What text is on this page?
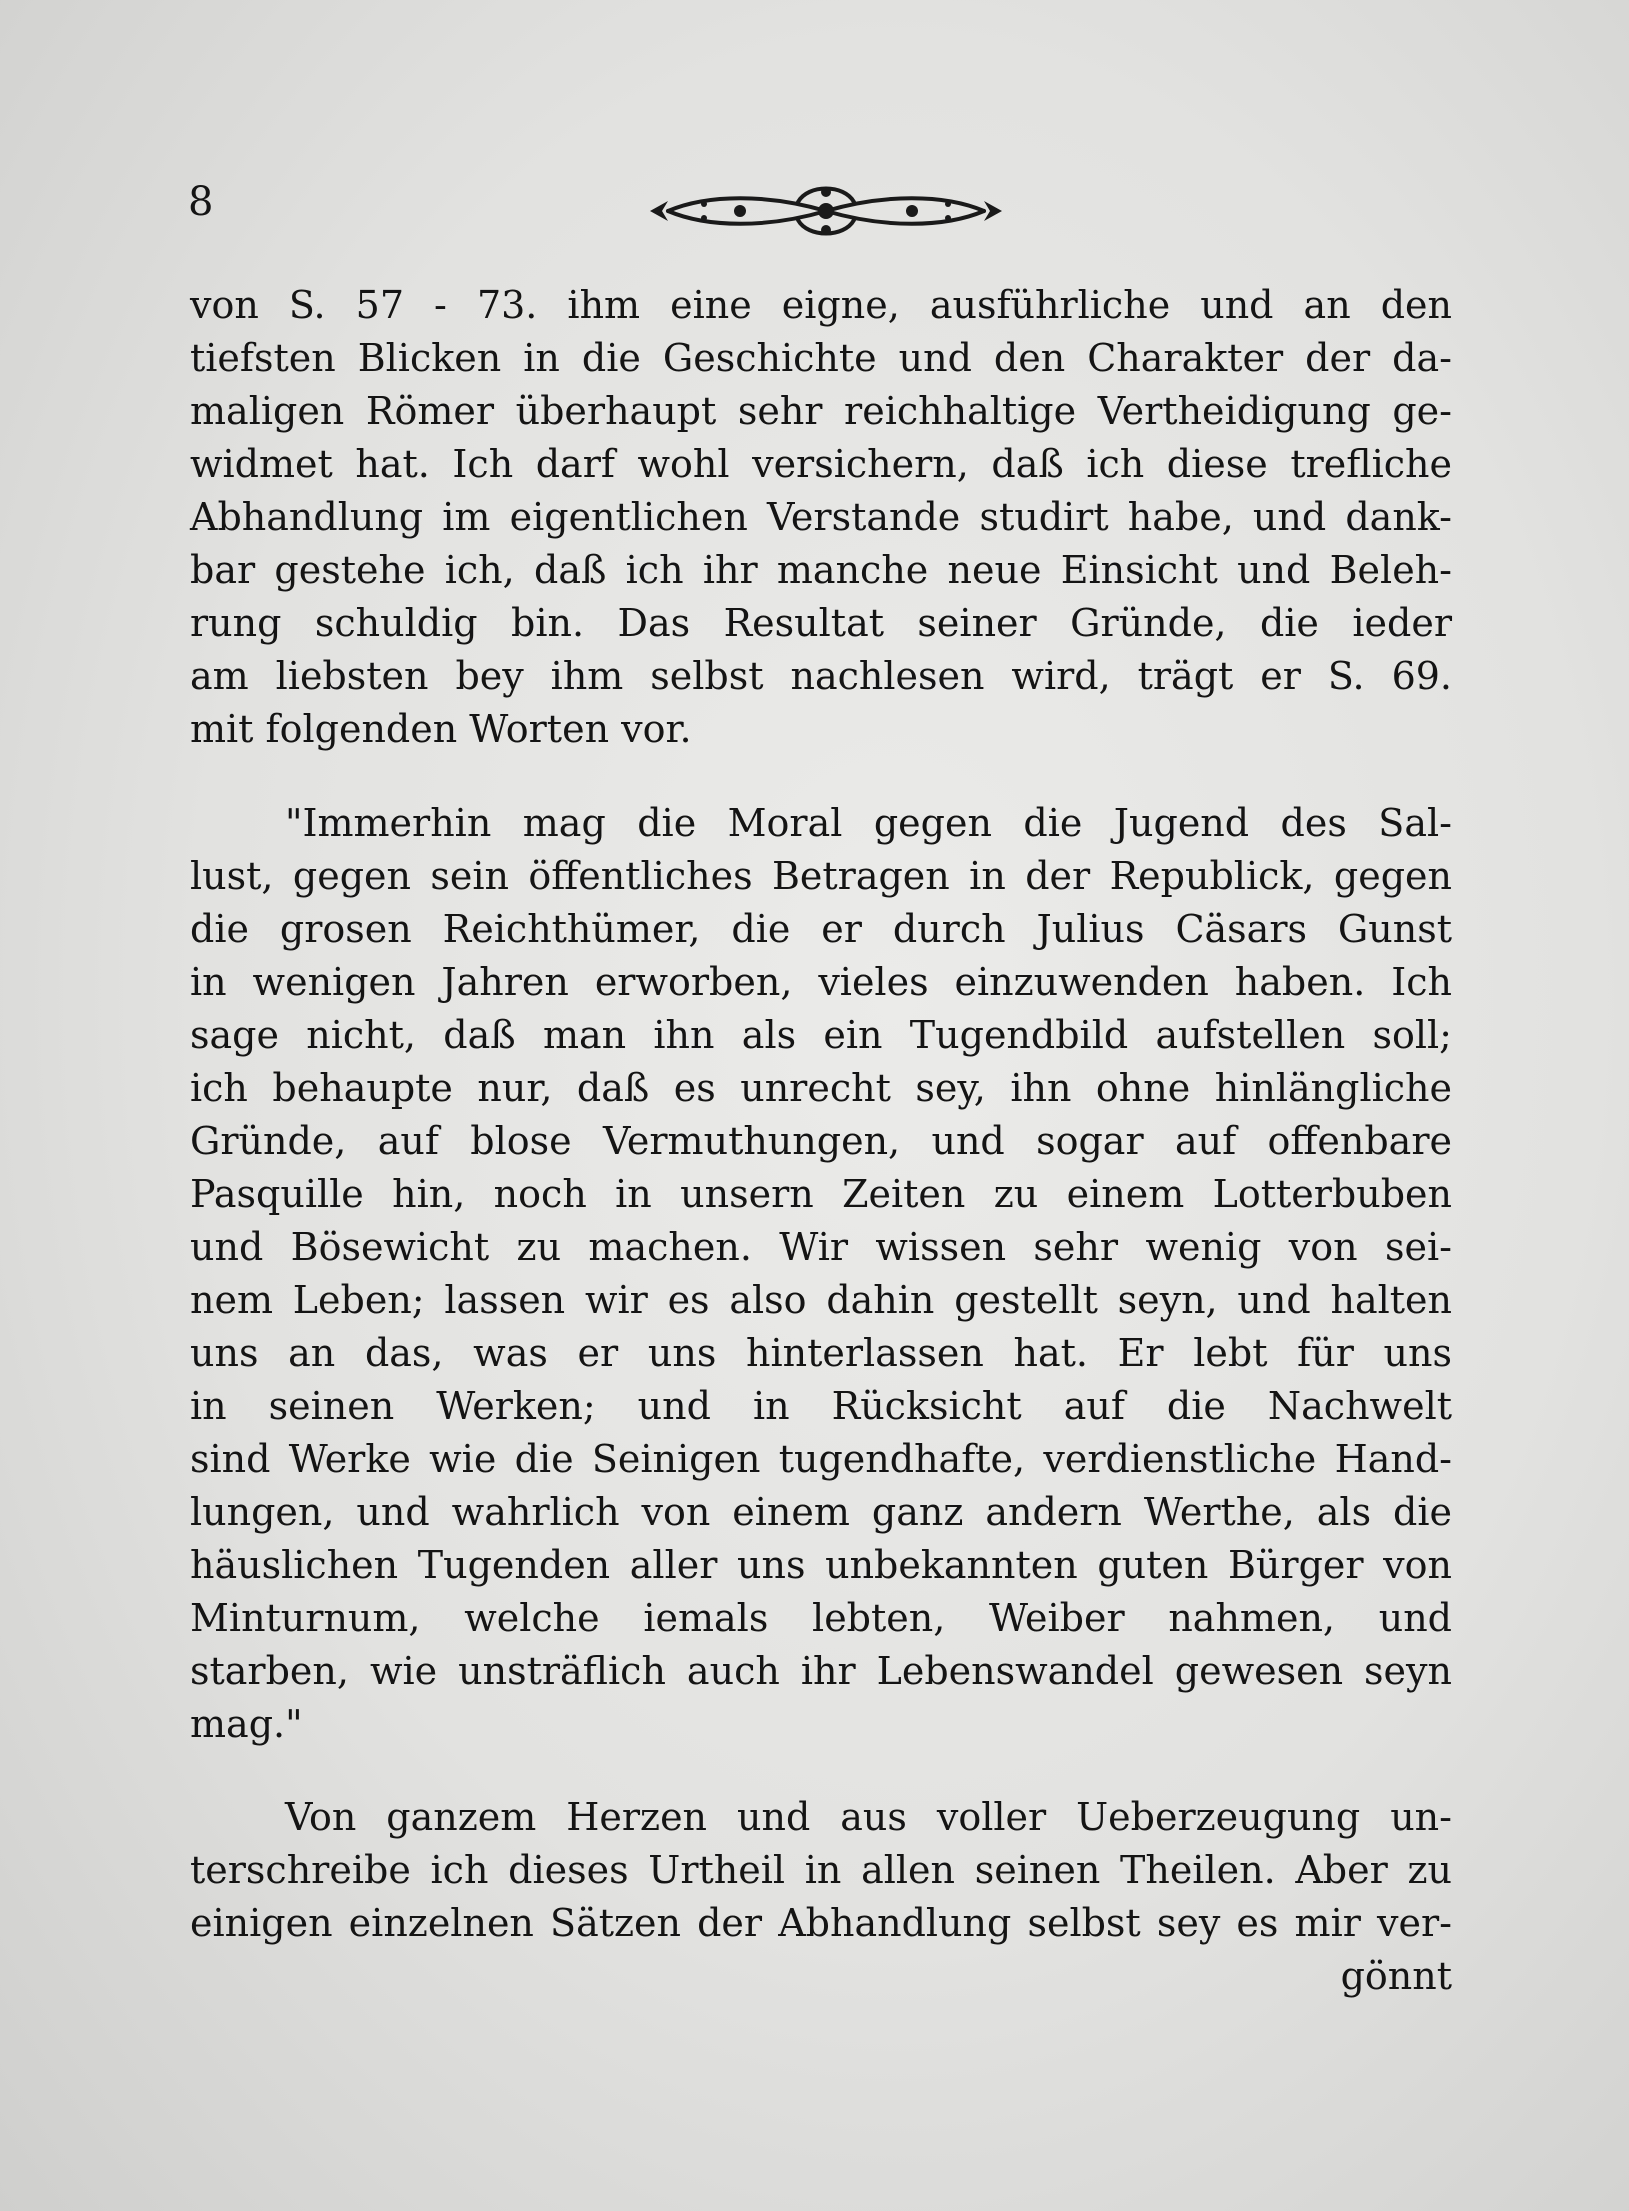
8
von S. 57 - 73. ihm eine eigne, ausführliche und an den
tiefsten Blicken in die Geschichte und den Charakter der da-
maligen Römer überhaupt sehr reichhaltige Vertheidigung ge-
widmet hat. Ich darf wohl versichern, daß ich diese trefliche
Abhandlung im eigentlichen Verstande studirt habe, und dank-
bar gestehe ich, daß ich ihr manche neue Einsicht und Beleh-
rung schuldig bin. Das Resultat seiner Gründe, die ieder
am liebsten bey ihm selbst nachlesen wird, trägt er S. 69.
mit folgenden Worten vor.
"Immerhin mag die Moral gegen die Jugend des Sal-
lust, gegen sein öffentliches Betragen in der Republick, gegen
die grosen Reichthümer, die er durch Julius Cäsars Gunst
in wenigen Jahren erworben, vieles einzuwenden haben. Ich
sage nicht, daß man ihn als ein Tugendbild aufstellen soll;
ich behaupte nur, daß es unrecht sey, ihn ohne hinlängliche
Gründe, auf blose Vermuthungen, und sogar auf offenbare
Pasquille hin, noch in unsern Zeiten zu einem Lotterbuben
und Bösewicht zu machen. Wir wissen sehr wenig von sei-
nem Leben; lassen wir es also dahin gestellt seyn, und halten
uns an das, was er uns hinterlassen hat. Er lebt für uns
in seinen Werken; und in Rücksicht auf die Nachwelt
sind Werke wie die Seinigen tugendhafte, verdienstliche Hand-
lungen, und wahrlich von einem ganz andern Werthe, als die
häuslichen Tugenden aller uns unbekannten guten Bürger von
Minturnum, welche iemals lebten, Weiber nahmen, und
starben, wie unsträflich auch ihr Lebenswandel gewesen seyn
mag."
Von ganzem Herzen und aus voller Ueberzeugung un-
terschreibe ich dieses Urtheil in allen seinen Theilen. Aber zu
einigen einzelnen Sätzen der Abhandlung selbst sey es mir ver-
gönnt
